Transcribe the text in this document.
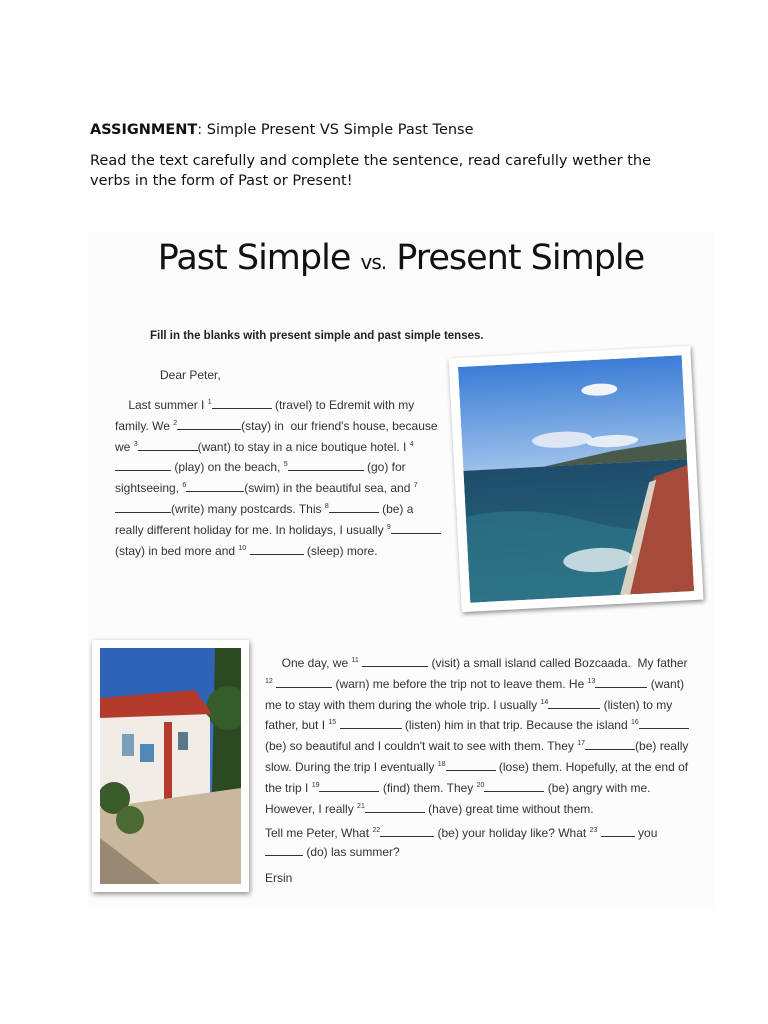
ASSIGNMENT: Simple Present VS Simple Past Tense
Read the text carefully and complete the sentence, read carefully wether the verbs in the form of Past or Present!
Past Simple vs. Present Simple
Fill in the blanks with present simple and past simple tenses.
Dear Peter,
Last summer I $^1$	(travel) to Edremit with my family. We $^2$	(stay) in  our friend's house, because we $^3$	(want) to stay in a nice boutique hotel. I $^4$ (play) on the beach, $^5$	(go) for sightseeing, $^6$	(swim) in the beautiful sea, and $^7$(write) many postcards. This $^8$	(be) a really different holiday for me. In holidays, I usually $^9$ (stay) in bed more and $^{10}$	(sleep) more.
One day, we $^{11}$	(visit) a small island called Bozcaada.  My father $^{12}$	(warn) me before the trip not to leave them. He $^{13}$	(want) me to stay with them during the whole trip. I usually $^{14}$	(listen) to my father, but I $^{15}$	(listen) him in that trip. Because the island $^{16}$ (be) so beautiful and I couldn't wait to see with them. They $^{17}$	(be) really slow. During the trip I eventually $^{18}$	(lose) them. Hopefully, at the end of the trip I $^{19}$	(find) them. They $^{20}$	(be) angry with me. However, I really $^{21}$	(have) great time without them.
Tell me Peter, What $^{22}$	(be) your holiday like? What $^{23}$	you  (do) las summer?
Ersin
